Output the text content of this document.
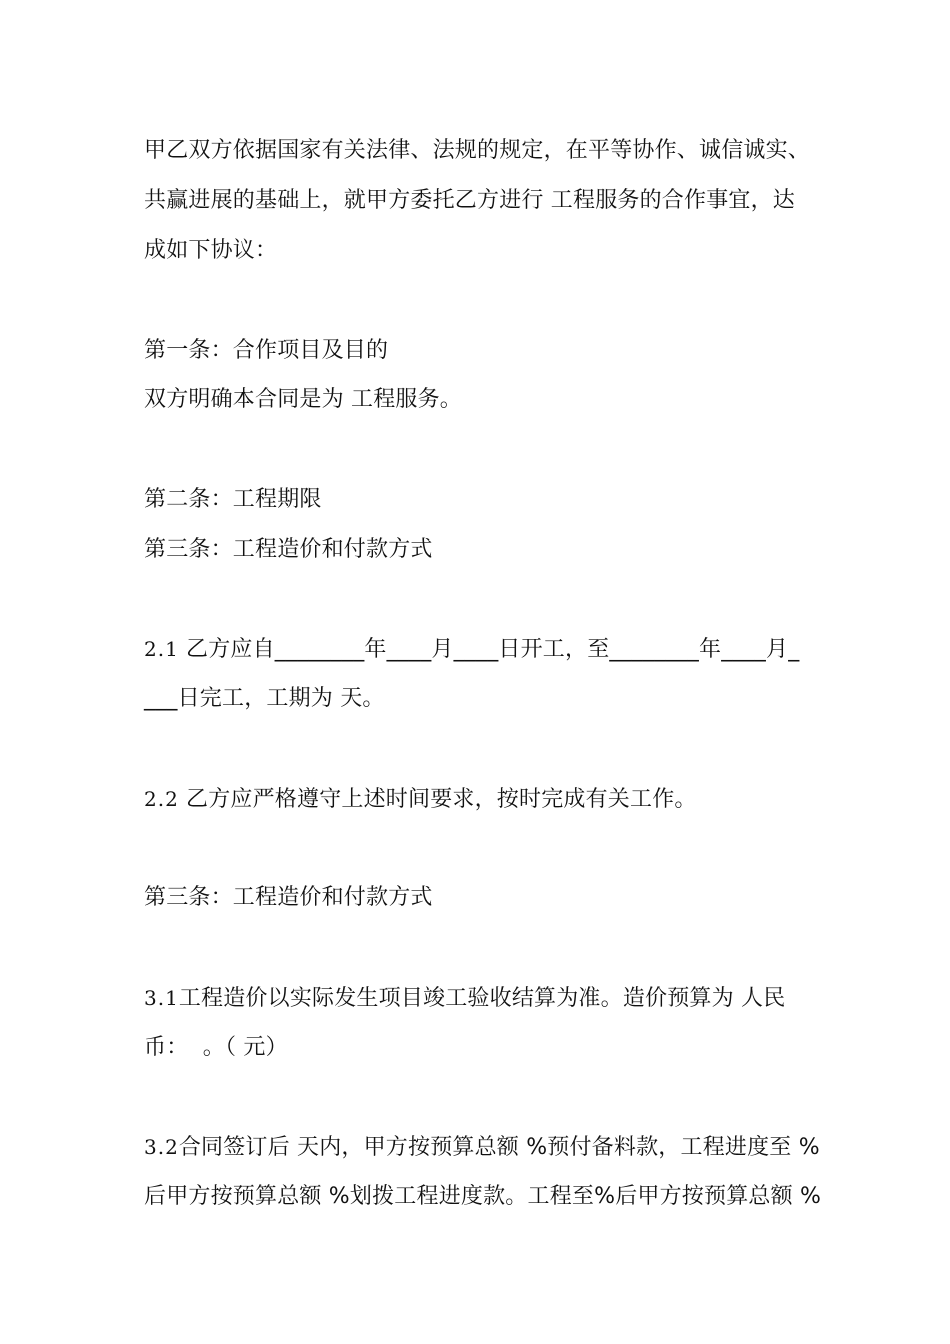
甲乙双方依据国家有关法律、法规的规定，在平等协作、诚信诚实、
共赢进展的基础上，就甲方委托乙方进行 工程服务的合作事宜，达
成如下协议：
第一条：合作项目及目的
双方明确本合同是为 工程服务。
第二条：工程期限
第三条：工程造价和付款方式
2.1 乙方应自________年____月____日开工，至________年____月_
___日完工，工期为 天。
2.2 乙方应严格遵守上述时间要求，按时完成有关工作。
第三条：工程造价和付款方式
3.1工程造价以实际发生项目竣工验收结算为准。造价预算为 人民
币：  。（ 元）
3.2合同签订后 天内，甲方按预算总额 %预付备料款，工程进度至 %
后甲方按预算总额 %划拨工程进度款。工程至%后甲方按预算总额 %
